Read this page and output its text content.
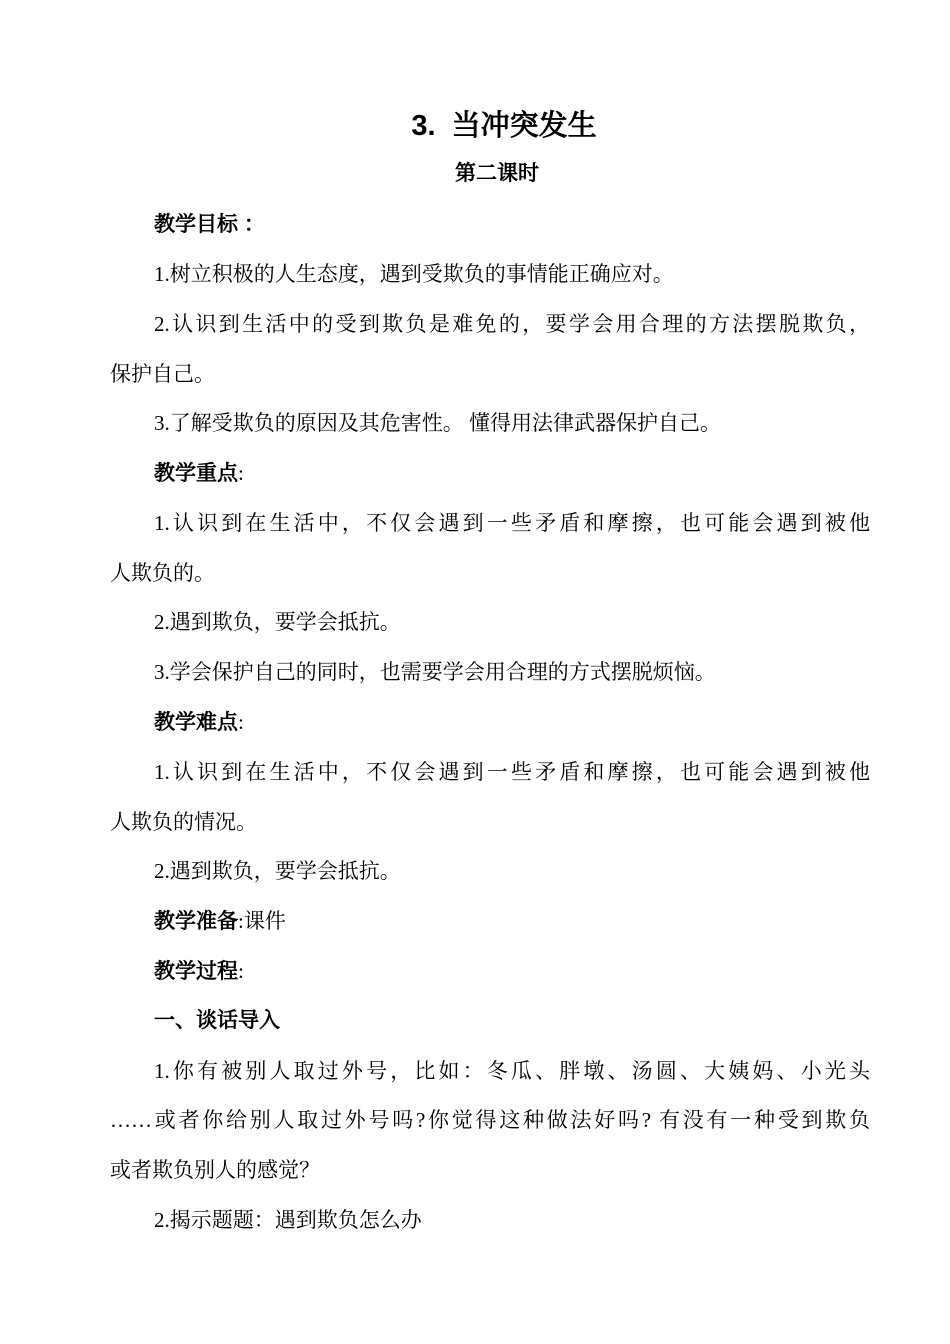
3.  当冲突发生
第二课时
教学目标 ：
1.树立积极的人生态度，遇到受欺负的事情能正确应对。
2.认识到生活中的受到欺负是难免的，要学会用合理的方法摆脱欺负，
保护自己。
3.了解受欺负的原因及其危害性。 懂得用法律武器保护自己。
教学重点:
1.认识到在生活中，不仅会遇到一些矛盾和摩擦，也可能会遇到被他
人欺负的。
2.遇到欺负，要学会抵抗。
3.学会保护自己的同时，也需要学会用合理的方式摆脱烦恼。
教学难点:
1.认识到在生活中，不仅会遇到一些矛盾和摩擦，也可能会遇到被他
人欺负的情况。
2.遇到欺负，要学会抵抗。
教学准备:课件
教学过程:
一、谈话导入
1.你有被别人取过外号，比如：冬瓜、胖墩、汤圆、大姨妈、小光头
……或者你给别人取过外号吗?你觉得这种做法好吗? 有没有一种受到欺负
或者欺负别人的感觉？
2.揭示题题：遇到欺负怎么办
